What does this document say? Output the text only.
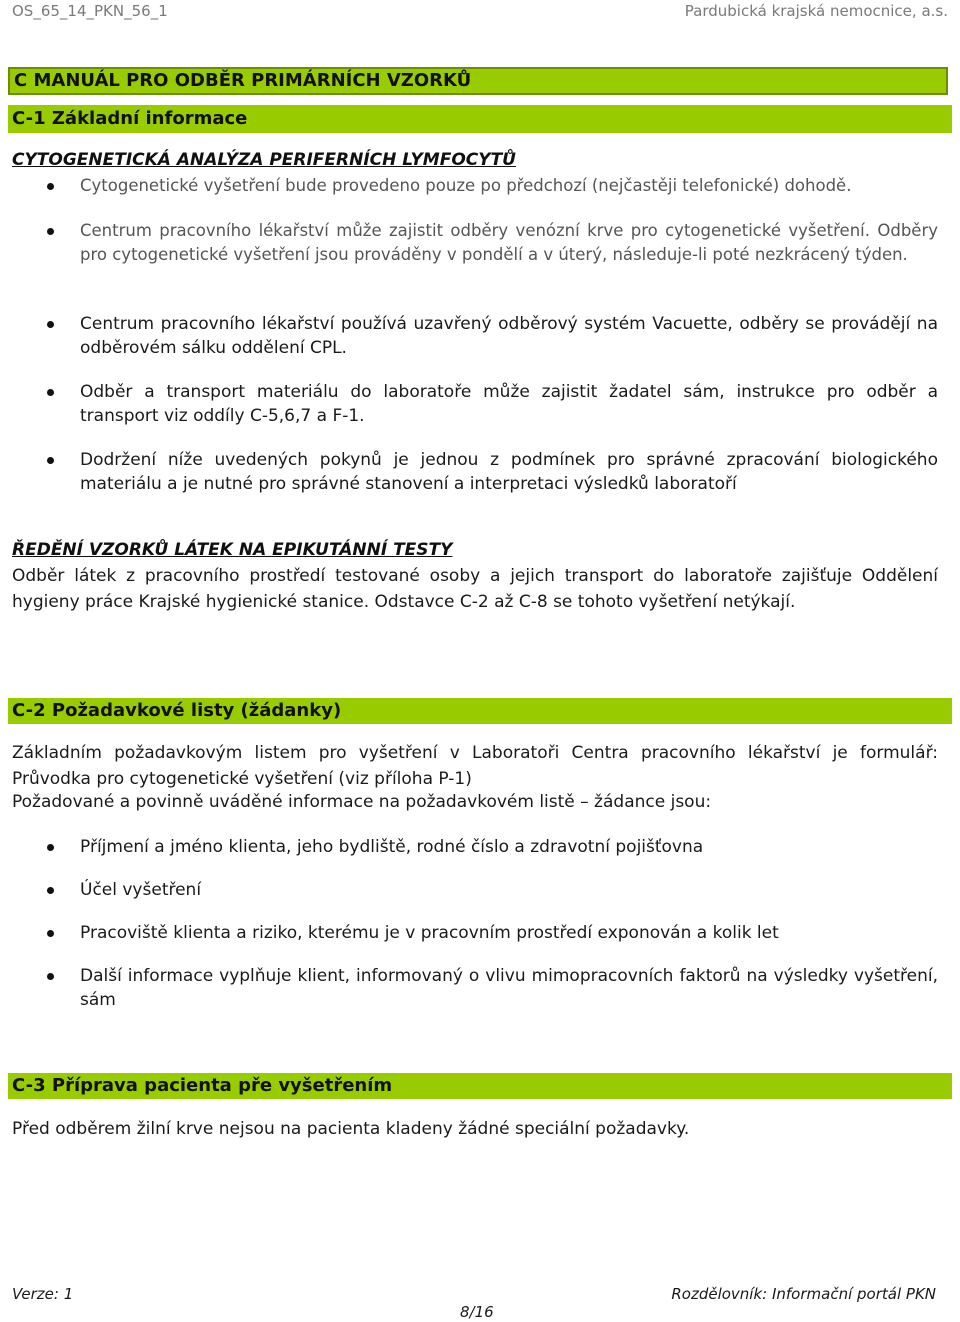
OS_65_14_PKN_56_1	Pardubická krajská nemocnice, a.s.
C MANUÁL PRO ODBĚR PRIMÁRNÍCH VZORKŮ
C-1 Základní informace
CYTOGENETICKÁ ANALÝZA PERIFERNÍCH LYMFOCYTŮ
Cytogenetické vyšetření bude provedeno pouze po předchozí (nejčastěji telefonické) dohodě.
Centrum pracovního lékařství může zajistit odběry venózní krve pro cytogenetické vyšetření. Odběry pro cytogenetické vyšetření jsou prováděny v pondělí a v úterý, následuje-li poté nezkrácený týden.
Centrum pracovního lékařství používá uzavřený odběrový systém Vacuette, odběry se provádějí na odběrovém sálku oddělení CPL.
Odběr a transport materiálu do laboratoře může zajistit žadatel sám, instrukce pro odběr a transport viz oddíly C-5,6,7 a F-1.
Dodržení níže uvedených pokynů je jednou z podmínek pro správné zpracování biologického materiálu a je nutné pro správné stanovení a interpretaci výsledků laboratoří
ŘEDĚNÍ VZORKŮ LÁTEK NA EPIKUTÁNNÍ TESTY
Odběr látek z pracovního prostředí testované osoby a jejich transport do laboratoře zajišťuje Oddělení hygieny práce Krajské hygienické stanice. Odstavce C-2 až C-8 se tohoto vyšetření netýkají.
C-2 Požadavkové listy (žádanky)
Základním požadavkovým listem pro vyšetření v Laboratoři Centra pracovního lékařství je formulář: Průvodka pro cytogenetické vyšetření (viz příloha P-1)
Požadované a povinně uváděné informace na požadavkovém listě – žádance jsou:
Příjmení a jméno klienta, jeho bydliště, rodné číslo a zdravotní pojišťovna
Účel vyšetření
Pracoviště klienta a riziko, kterému je v pracovním prostředí exponován a kolik let
Další informace vyplňuje klient, informovaný o vlivu mimopracovních faktorů na výsledky vyšetření, sám
C-3 Příprava pacienta pře vyšetřením
Před odběrem žilní krve nejsou na pacienta kladeny žádné speciální požadavky.
Verze: 1	Rozdělovník: Informační portál PKN
8/16
